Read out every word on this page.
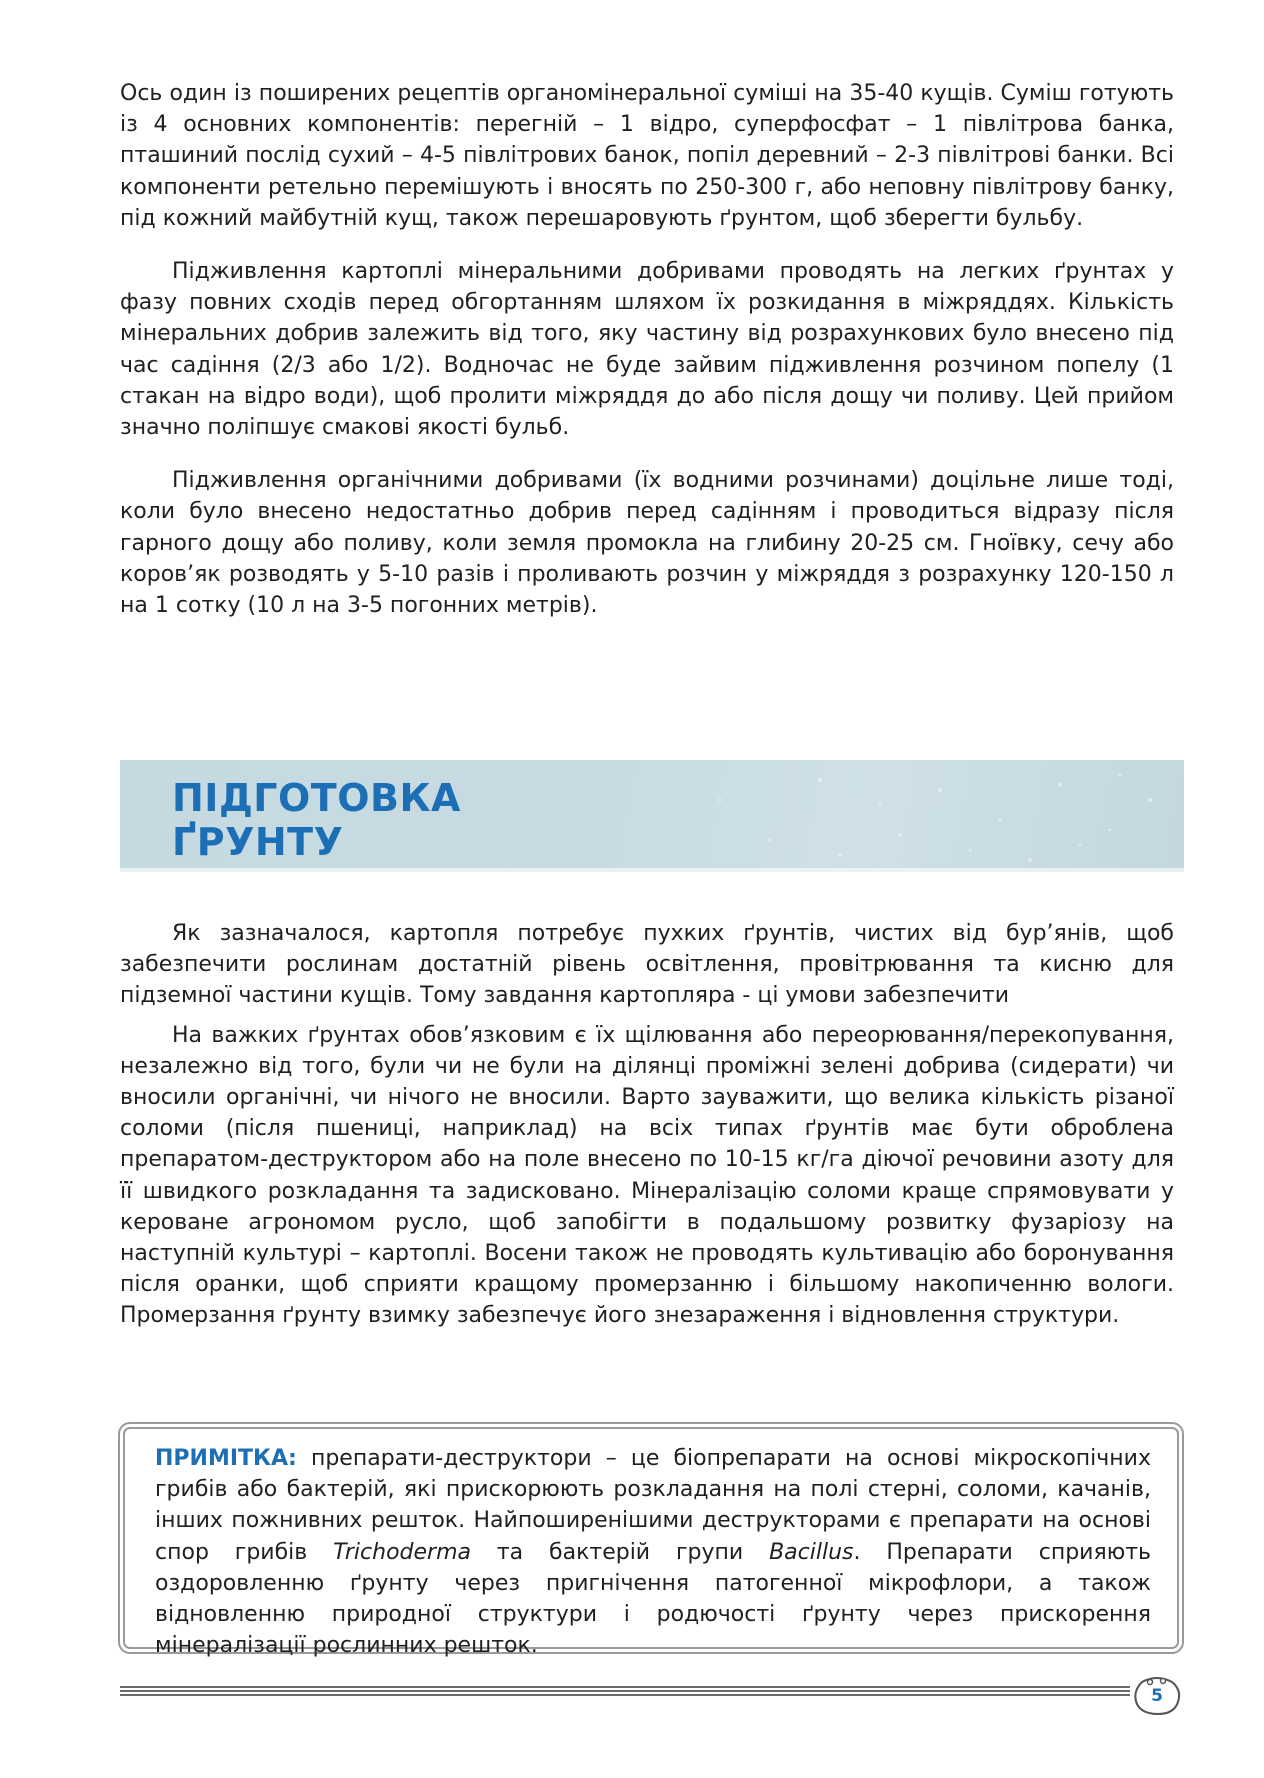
Ось один із поширених рецептів органомінеральної суміші на 35-40 кущів. Суміш готують із 4 основних компонентів: перегній – 1 відро, суперфосфат – 1 півлітрова банка, пташиний послід сухий – 4-5 півлітрових банок, попіл деревний – 2-3 півлітрові банки. Всі компоненти ретельно перемішують і вносять по 250-300 г, або неповну півлітрову банку, під кожний майбутній кущ, також перешаровують ґрунтом, щоб зберегти бульбу.

Підживлення картоплі мінеральними добривами проводять на легких ґрунтах у фазу повних сходів перед обгортанням шляхом їх розкидання в міжряддях. Кількість мінеральних добрив залежить від того, яку частину від розрахункових було внесено під час садіння (2/3 або 1/2). Водночас не буде зайвим підживлення розчином попелу (1 стакан на відро води), щоб пролити міжряддя до або після дощу чи поливу. Цей прийом значно поліпшує смакові якості бульб.

Підживлення органічними добривами (їх водними розчинами) доцільне лише тоді, коли було внесено недостатньо добрив перед садінням і проводиться відразу після гарного дощу або поливу, коли земля промокла на глибину 20-25 см. Гноївку, сечу або коров’як розводять у 5-10 разів і проливають розчин у міжряддя з розрахунку 120-150 л на 1 сотку (10 л на 3-5 погонних метрів).

ПІДГОТОВКА
ҐРУНТУ

Як зазначалося, картопля потребує пухких ґрунтів, чистих від бур’янів, щоб забезпечити рослинам достатній рівень освітлення, провітрювання та кисню для підземної частини кущів. Тому завдання картопляра - ці умови забезпечити

На важких ґрунтах обов’язковим є їх щілювання або переорювання/перекопування, незалежно від того, були чи не були на ділянці проміжні зелені добрива (сидерати) чи вносили органічні, чи нічого не вносили. Варто зауважити, що велика кількість різаної соломи (після пшениці, наприклад) на всіх типах ґрунтів має бути оброблена препаратом-деструктором або на поле внесено по 10-15 кг/га діючої речовини азоту для її швидкого розкладання та задисковано. Мінералізацію соломи краще спрямовувати у кероване агрономом русло, щоб запобігти в подальшому розвитку фузаріозу на наступній культурі – картоплі. Восени також не проводять культивацію або боронування після оранки, щоб сприяти кращому промерзанню і більшому накопиченню вологи. Промерзання ґрунту взимку забезпечує його знезараження і відновлення структури.

ПРИМІТКА: препарати-деструктори – це біопрепарати на основі мікроскопічних грибів або бактерій, які прискорюють розкладання на полі стерні, соломи, качанів, інших пожнивних решток. Найпоширенішими деструкторами є препарати на основі спор грибів Trichoderma та бактерій групи Bacillus. Препарати сприяють оздоровленню ґрунту через пригнічення патогенної мікрофлори, а також відновленню природної структури і родючості ґрунту через прискорення мінералізації рослинних решток.

5
